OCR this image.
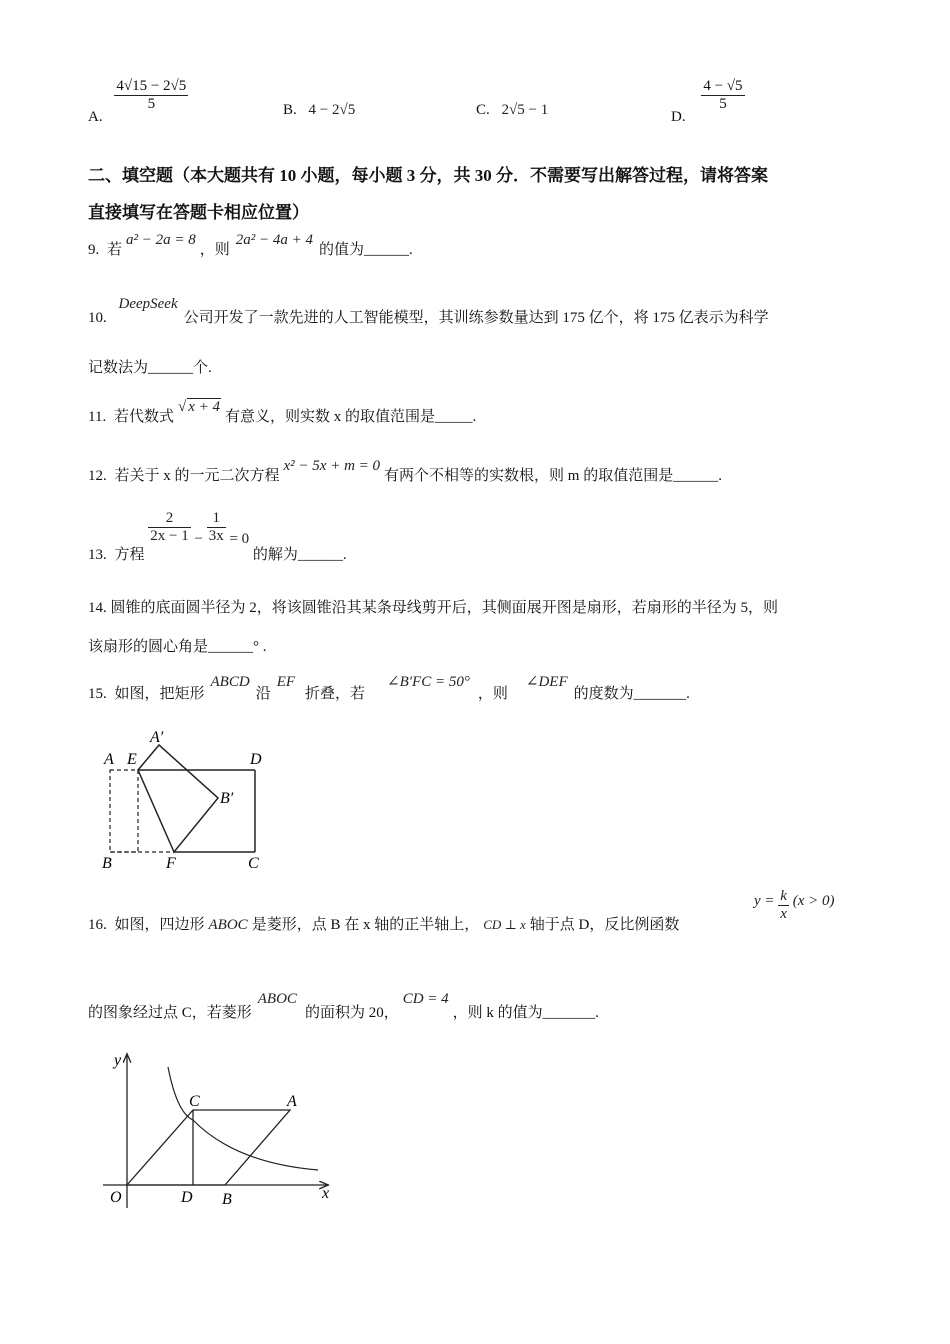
A.
$\frac{4√15 - 2√5}{5}$	B. 4 − 2√5	C. 2√5 − 1	D.
$\frac{4 - √5}{5}$
二、填空题（本大题共有 10 小题，每小题 3 分，共 30 分．不需要写出解答过程，请将答案
直接填写在答题卡相应位置）
9. 若a² − 2a = 8，则2a² − 4a + 4的值为______.
10. DeepSeek公司开发了一款先进的人工智能模型，其训练参数量达到 175 亿个，将 175 亿表示为科学
记数法为______个.
11. 若代数式√ x + 4有意义，则实数 x 的取值范围是_____.
12. 若关于 x 的一元二次方程x² − 5x + m = 0有两个不相等的实数根，则 m 的取值范围是______.
13. 方程
$\frac{2}{2x - 1} - \frac{1}{3x} = 0$ 的解为______.
14. 圆锥的底面圆半径为 2，将该圆锥沿其某条母线剪开后，其侧面展开图是扇形，若扇形的半径为 5，则
该扇形的圆心角是______° .
15. 如图，把矩形ABCD沿EF折叠，若∠B′FC = 50°，则∠DEF的度数为_______.
A
A′
E	D
B′
B	F	C
16. 如图，四边形 ABOC 是菱形，点 B 在 x 轴的正半轴上， CD ⊥ x 轴于点 D，反比例函数
$y = \frac{k}{x} (x > 0)$
的图象经过点 C，若菱形ABOC的面积为 20，CD = 4，则 k 的值为_______.
y
x
O
C	A
D B
